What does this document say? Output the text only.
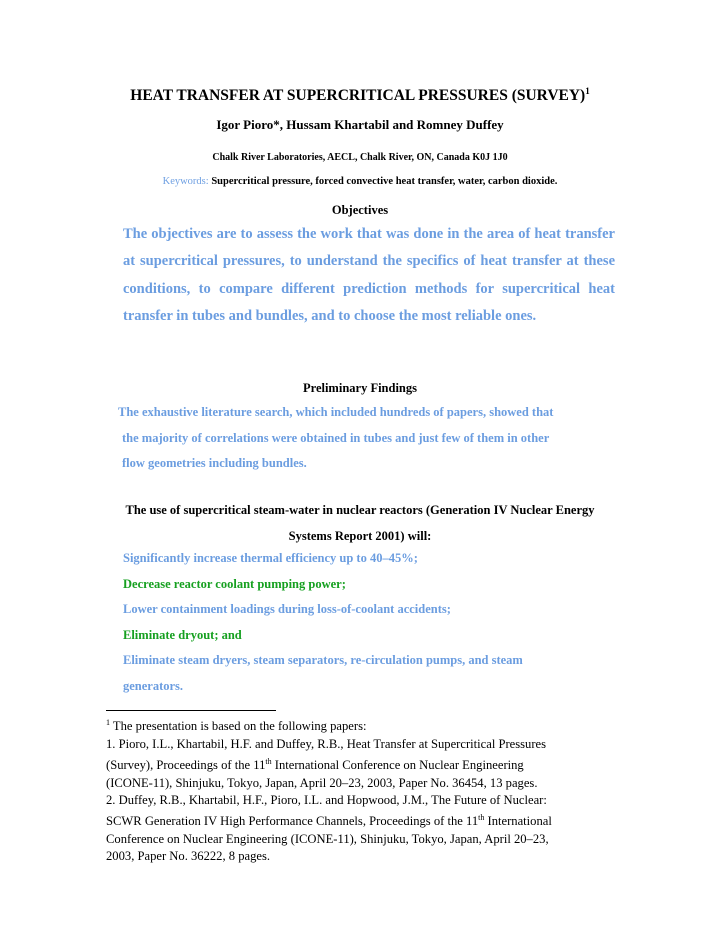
HEAT TRANSFER AT SUPERCRITICAL PRESSURES (SURVEY)$^1$
Igor Pioro*, Hussam Khartabil and Romney Duffey
Chalk River Laboratories, AECL, Chalk River, ON, Canada K0J 1J0
Keywords: Supercritical pressure, forced convective heat transfer, water, carbon dioxide.
Objectives
The objectives are to assess the work that was done in the area of heat transfer at supercritical pressures, to understand the specifics of heat transfer at these conditions, to compare different prediction methods for supercritical heat transfer in tubes and bundles, and to choose the most reliable ones.
Preliminary Findings
The exhaustive literature search, which included hundreds of papers, showed that
the majority of correlations were obtained in tubes and just few of them in other
flow geometries including bundles.
The use of supercritical steam-water in nuclear reactors (Generation IV Nuclear Energy Systems Report 2001) will:
Significantly increase thermal efficiency up to 40–45%;
Decrease reactor coolant pumping power;
Lower containment loadings during loss-of-coolant accidents;
Eliminate dryout; and
Eliminate steam dryers, steam separators, re-circulation pumps, and steam
generators.
$^1$ The presentation is based on the following papers:
1. Pioro, I.L., Khartabil, H.F. and Duffey, R.B., Heat Transfer at Supercritical Pressures
(Survey), Proceedings of the 11th International Conference on Nuclear Engineering
(ICONE-11), Shinjuku, Tokyo, Japan, April 20–23, 2003, Paper No. 36454, 13 pages.
2. Duffey, R.B., Khartabil, H.F., Pioro, I.L. and Hopwood, J.M., The Future of Nuclear:
SCWR Generation IV High Performance Channels, Proceedings of the 11th International
Conference on Nuclear Engineering (ICONE-11), Shinjuku, Tokyo, Japan, April 20–23,
2003, Paper No. 36222, 8 pages.
